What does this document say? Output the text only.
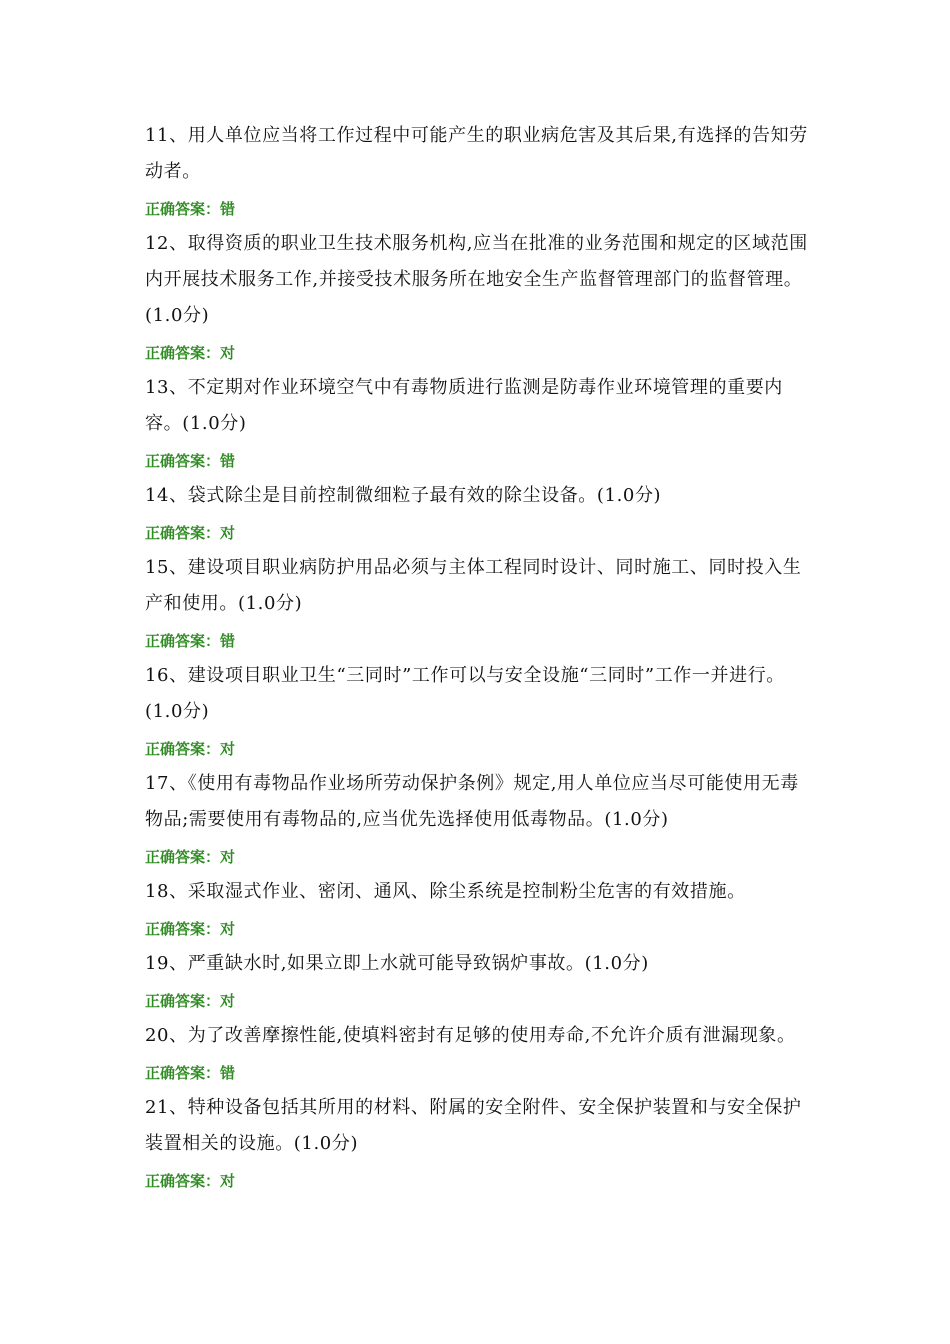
11、用人单位应当将工作过程中可能产生的职业病危害及其后果,有选择的告知劳动者。

正确答案： 错

12、取得资质的职业卫生技术服务机构,应当在批准的业务范围和规定的区域范围内开展技术服务工作,并接受技术服务所在地安全生产监督管理部门的监督管理。(1.0分)

正确答案： 对

13、不定期对作业环境空气中有毒物质进行监测是防毒作业环境管理的重要内容。(1.0分)

正确答案： 错

14、袋式除尘是目前控制微细粒子最有效的除尘设备。(1.0分)

正确答案： 对

15、建设项目职业病防护用品必须与主体工程同时设计、同时施工、同时投入生产和使用。(1.0分)

正确答案： 错

16、建设项目职业卫生“三同时”工作可以与安全设施“三同时”工作一并进行。(1.0分)

正确答案： 对

17、《使用有毒物品作业场所劳动保护条例》规定,用人单位应当尽可能使用无毒物品;需要使用有毒物品的,应当优先选择使用低毒物品。(1.0分)

正确答案： 对

18、采取湿式作业、密闭、通风、除尘系统是控制粉尘危害的有效措施。

正确答案： 对

19、严重缺水时,如果立即上水就可能导致锅炉事故。(1.0分)

正确答案： 对

20、为了改善摩擦性能,使填料密封有足够的使用寿命,不允许介质有泄漏现象。

正确答案： 错

21、特种设备包括其所用的材料、附属的安全附件、安全保护装置和与安全保护装置相关的设施。(1.0分)

正确答案： 对
